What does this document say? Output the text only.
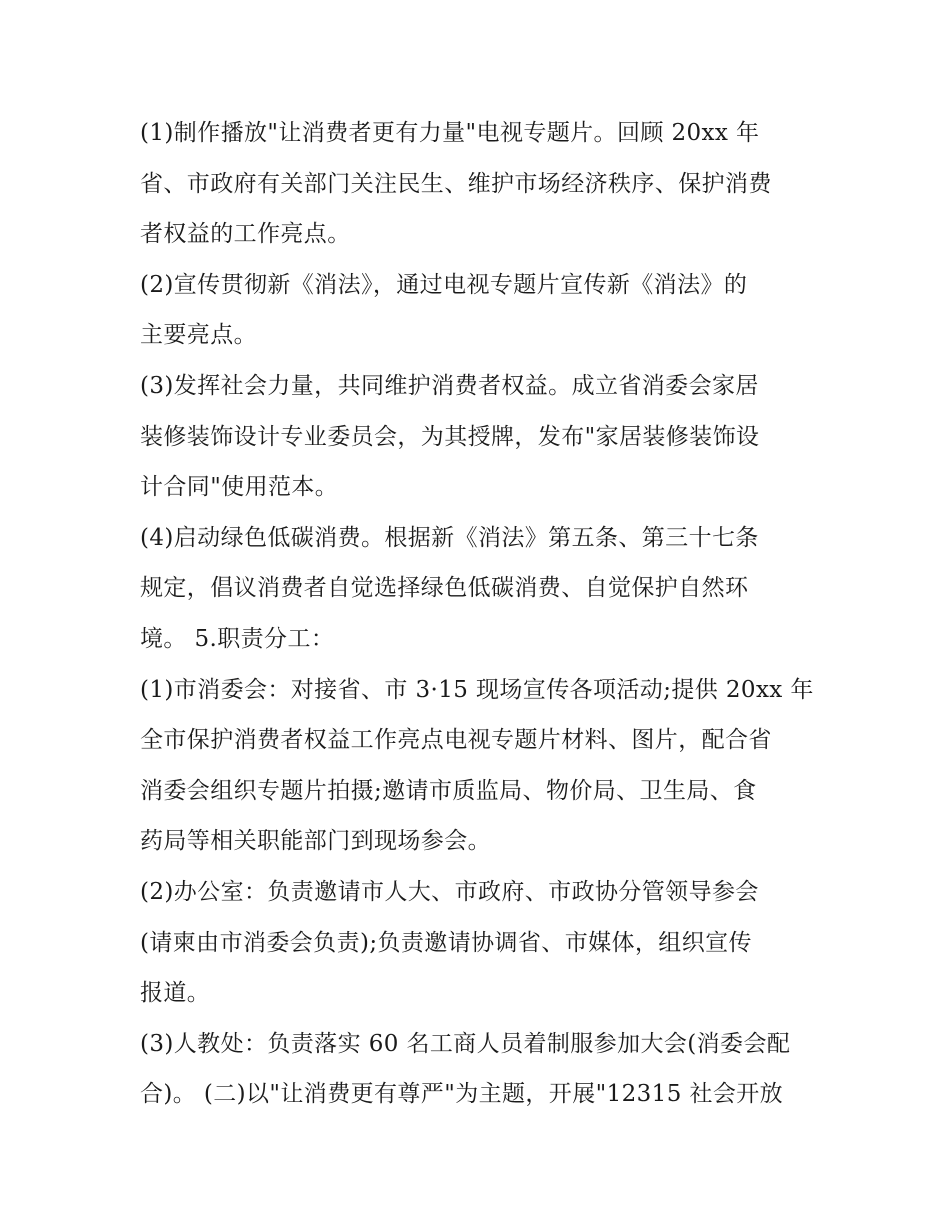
(1)制作播放"让消费者更有力量"电视专题片。回顾 20xx 年
省、市政府有关部门关注民生、维护市场经济秩序、保护消费
者权益的工作亮点。
(2)宣传贯彻新《消法》，通过电视专题片宣传新《消法》的
主要亮点。
(3)发挥社会力量，共同维护消费者权益。成立省消委会家居
装修装饰设计专业委员会，为其授牌，发布"家居装修装饰设
计合同"使用范本。
(4)启动绿色低碳消费。根据新《消法》第五条、第三十七条
规定，倡议消费者自觉选择绿色低碳消费、自觉保护自然环
境。 5.职责分工：
(1)市消委会：对接省、市 3·15 现场宣传各项活动;提供 20xx 年
全市保护消费者权益工作亮点电视专题片材料、图片，配合省
消委会组织专题片拍摄;邀请市质监局、物价局、卫生局、食
药局等相关职能部门到现场参会。
(2)办公室：负责邀请市人大、市政府、市政协分管领导参会
(请柬由市消委会负责);负责邀请协调省、市媒体，组织宣传
报道。
(3)人教处：负责落实 60 名工商人员着制服参加大会(消委会配
合)。 (二)以"让消费更有尊严"为主题，开展"12315 社会开放
